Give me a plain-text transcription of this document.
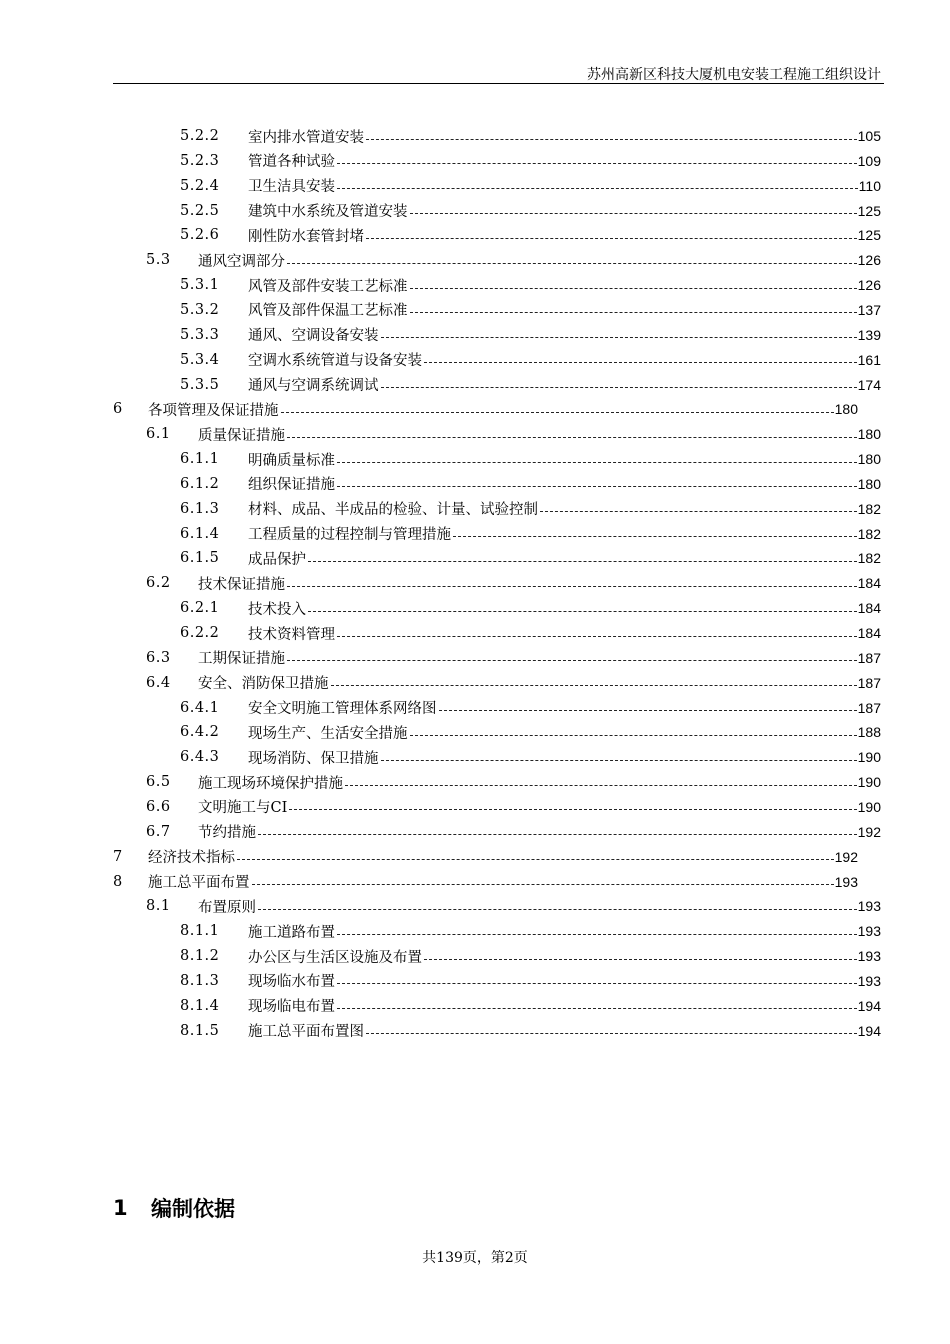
苏州高新区科技大厦机电安装工程施工组织设计
5.2.2	室内排水管道安装	105
5.2.3	管道各种试验	109
5.2.4	卫生洁具安装	110
5.2.5	建筑中水系统及管道安装	125
5.2.6	刚性防水套管封堵	125
5.3	通风空调部分	126
5.3.1	风管及部件安装工艺标准	126
5.3.2	风管及部件保温工艺标准	137
5.3.3	通风、空调设备安装	139
5.3.4	空调水系统管道与设备安装	161
5.3.5	通风与空调系统调试	174
6	各项管理及保证措施	180
6.1	质量保证措施	180
6.1.1	明确质量标准	180
6.1.2	组织保证措施	180
6.1.3	材料、成品、半成品的检验、计量、试验控制	182
6.1.4	工程质量的过程控制与管理措施	182
6.1.5	成品保护	182
6.2	技术保证措施	184
6.2.1	技术投入	184
6.2.2	技术资料管理	184
6.3	工期保证措施	187
6.4	安全、消防保卫措施	187
6.4.1	安全文明施工管理体系网络图	187
6.4.2	现场生产、生活安全措施	188
6.4.3	现场消防、保卫措施	190
6.5	施工现场环境保护措施	190
6.6	文明施工与CI	190
6.7	节约措施	192
7	经济技术指标	192
8	施工总平面布置	193
8.1	布置原则	193
8.1.1	施工道路布置	193
8.1.2	办公区与生活区设施及布置	193
8.1.3	现场临水布置	193
8.1.4	现场临电布置	194
8.1.5	施工总平面布置图	194
1	编制依据
共139页，第2页
